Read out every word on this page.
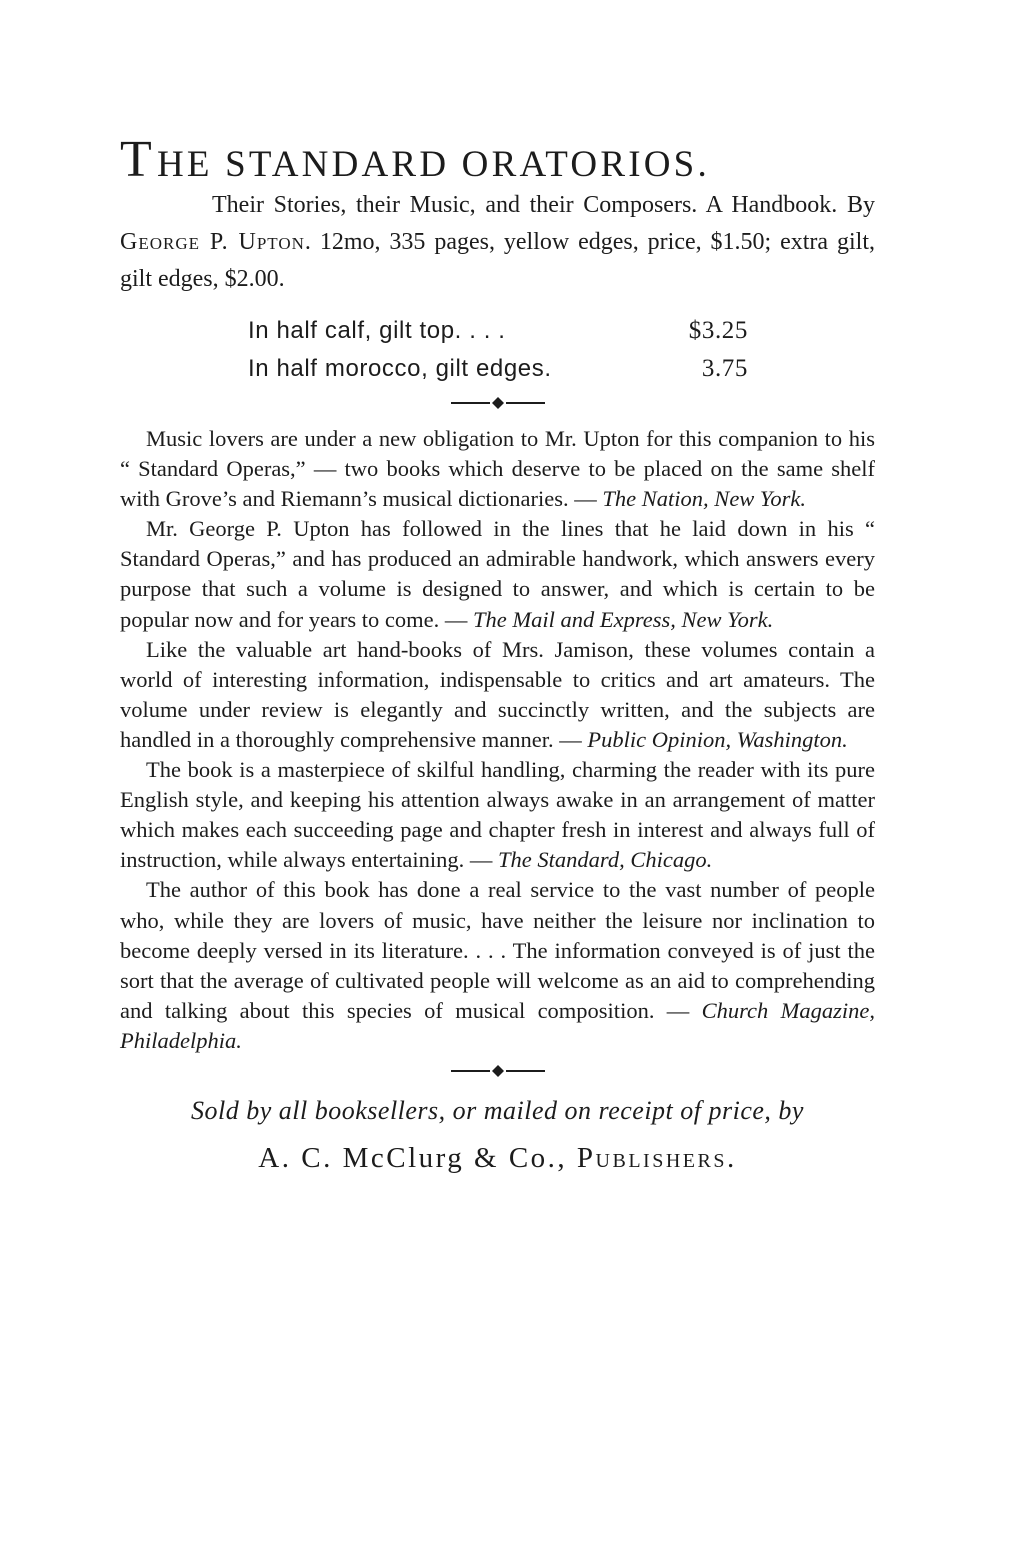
THE STANDARD ORATORIOS.

Their Stories, their Music, and their Composers. A Handbook. By George P. Upton. 12mo, 335 pages, yellow edges, price, $1.50; extra gilt, gilt edges, $2.00.

In half calf, gilt top . . . .	$3.25
In half morocco, gilt edges .	3.75

Music lovers are under a new obligation to Mr. Upton for this companion to his “ Standard Operas,” — two books which deserve to be placed on the same shelf with Grove’s and Riemann’s musical dictionaries. — The Nation, New York.

Mr. George P. Upton has followed in the lines that he laid down in his “ Standard Operas,” and has produced an admirable handwork, which answers every purpose that such a volume is designed to answer, and which is certain to be popular now and for years to come. — The Mail and Express, New York.

Like the valuable art hand-books of Mrs. Jamison, these volumes contain a world of interesting information, indispensable to critics and art amateurs. The volume under review is elegantly and succinctly written, and the subjects are handled in a thoroughly comprehensive manner. — Public Opinion, Washington.

The book is a masterpiece of skilful handling, charming the reader with its pure English style, and keeping his attention always awake in an arrangement of matter which makes each succeeding page and chapter fresh in interest and always full of instruction, while always entertaining. — The Standard, Chicago.

The author of this book has done a real service to the vast number of people who, while they are lovers of music, have neither the leisure nor inclination to become deeply versed in its literature. . . . The information conveyed is of just the sort that the average of cultivated people will welcome as an aid to comprehending and talking about this species of musical composition. — Church Magazine, Philadelphia.

Sold by all booksellers, or mailed on receipt of price, by

A. C. McClurg & Co., Publishers.
